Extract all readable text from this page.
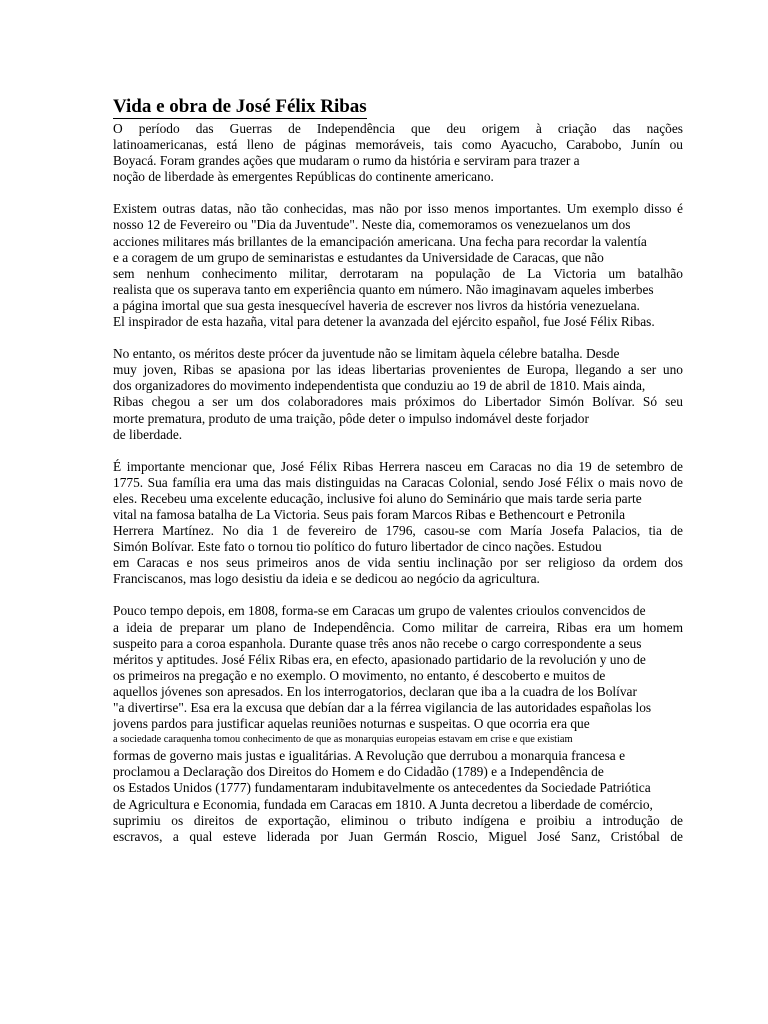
Vida e obra de José Félix Ribas
O período das Guerras de Independência que deu origem à criação das nações
latinoamericanas, está lleno de páginas memoráveis, tais como Ayacucho, Carabobo, Junín ou
Boyacá. Foram grandes ações que mudaram o rumo da história e serviram para trazer a
noção de liberdade às emergentes Repúblicas do continente americano.
Existem outras datas, não tão conhecidas, mas não por isso menos importantes. Um exemplo disso é
nosso 12 de Fevereiro ou "Dia da Juventude". Neste dia, comemoramos os venezuelanos um dos
acciones militares más brillantes de la emancipación americana. Una fecha para recordar la valentía
e a coragem de um grupo de seminaristas e estudantes da Universidade de Caracas, que não
sem nenhum conhecimento militar, derrotaram na população de La Victoria um batalhão
realista que os superava tanto em experiência quanto em número. Não imaginavam aqueles imberbes
a página imortal que sua gesta inesquecível haveria de escrever nos livros da história venezuelana.
El inspirador de esta hazaña, vital para detener la avanzada del ejército español, fue José Félix Ribas.
No entanto, os méritos deste prócer da juventude não se limitam àquela célebre batalha. Desde
muy joven, Ribas se apasiona por las ideas libertarias provenientes de Europa, llegando a ser uno
dos organizadores do movimento independentista que conduziu ao 19 de abril de 1810. Mais ainda,
Ribas chegou a ser um dos colaboradores mais próximos do Libertador Simón Bolívar. Só seu
morte prematura, produto de uma traição, pôde deter o impulso indomável deste forjador
de liberdade.
É importante mencionar que, José Félix Ribas Herrera nasceu em Caracas no dia 19 de setembro de
1775. Sua família era uma das mais distinguidas na Caracas Colonial, sendo José Félix o mais novo de
eles. Recebeu uma excelente educação, inclusive foi aluno do Seminário que mais tarde seria parte
vital na famosa batalha de La Victoria. Seus pais foram Marcos Ribas e Bethencourt e Petronila
Herrera Martínez. No dia 1 de fevereiro de 1796, casou-se com María Josefa Palacios, tia de
Simón Bolívar. Este fato o tornou tio político do futuro libertador de cinco nações. Estudou
em Caracas e nos seus primeiros anos de vida sentiu inclinação por ser religioso da ordem dos
Franciscanos, mas logo desistiu da ideia e se dedicou ao negócio da agricultura.
Pouco tempo depois, em 1808, forma-se em Caracas um grupo de valentes crioulos convencidos de
a ideia de preparar um plano de Independência. Como militar de carreira, Ribas era um homem
suspeito para a coroa espanhola. Durante quase três anos não recebe o cargo correspondente a seus
méritos y aptitudes. José Félix Ribas era, en efecto, apasionado partidario de la revolución y uno de
os primeiros na pregação e no exemplo. O movimento, no entanto, é descoberto e muitos de
aquellos jóvenes son apresados. En los interrogatorios, declaran que iba a la cuadra de los Bolívar
"a divertirse". Esa era la excusa que debían dar a la férrea vigilancia de las autoridades españolas los
jovens pardos para justificar aquelas reuniões noturnas e suspeitas. O que ocorria era que
a sociedade caraquenha tomou conhecimento de que as monarquias europeias estavam em crise e que existiam
formas de governo mais justas e igualitárias. A Revolução que derrubou a monarquia francesa e
proclamou a Declaração dos Direitos do Homem e do Cidadão (1789) e a Independência de
os Estados Unidos (1777) fundamentaram indubitavelmente os antecedentes da Sociedade Patriótica
de Agricultura e Economia, fundada em Caracas em 1810. A Junta decretou a liberdade de comércio,
suprimiu os direitos de exportação, eliminou o tributo indígena e proibiu a introdução de
escravos, a qual esteve liderada por Juan Germán Roscio, Miguel José Sanz, Cristóbal de
